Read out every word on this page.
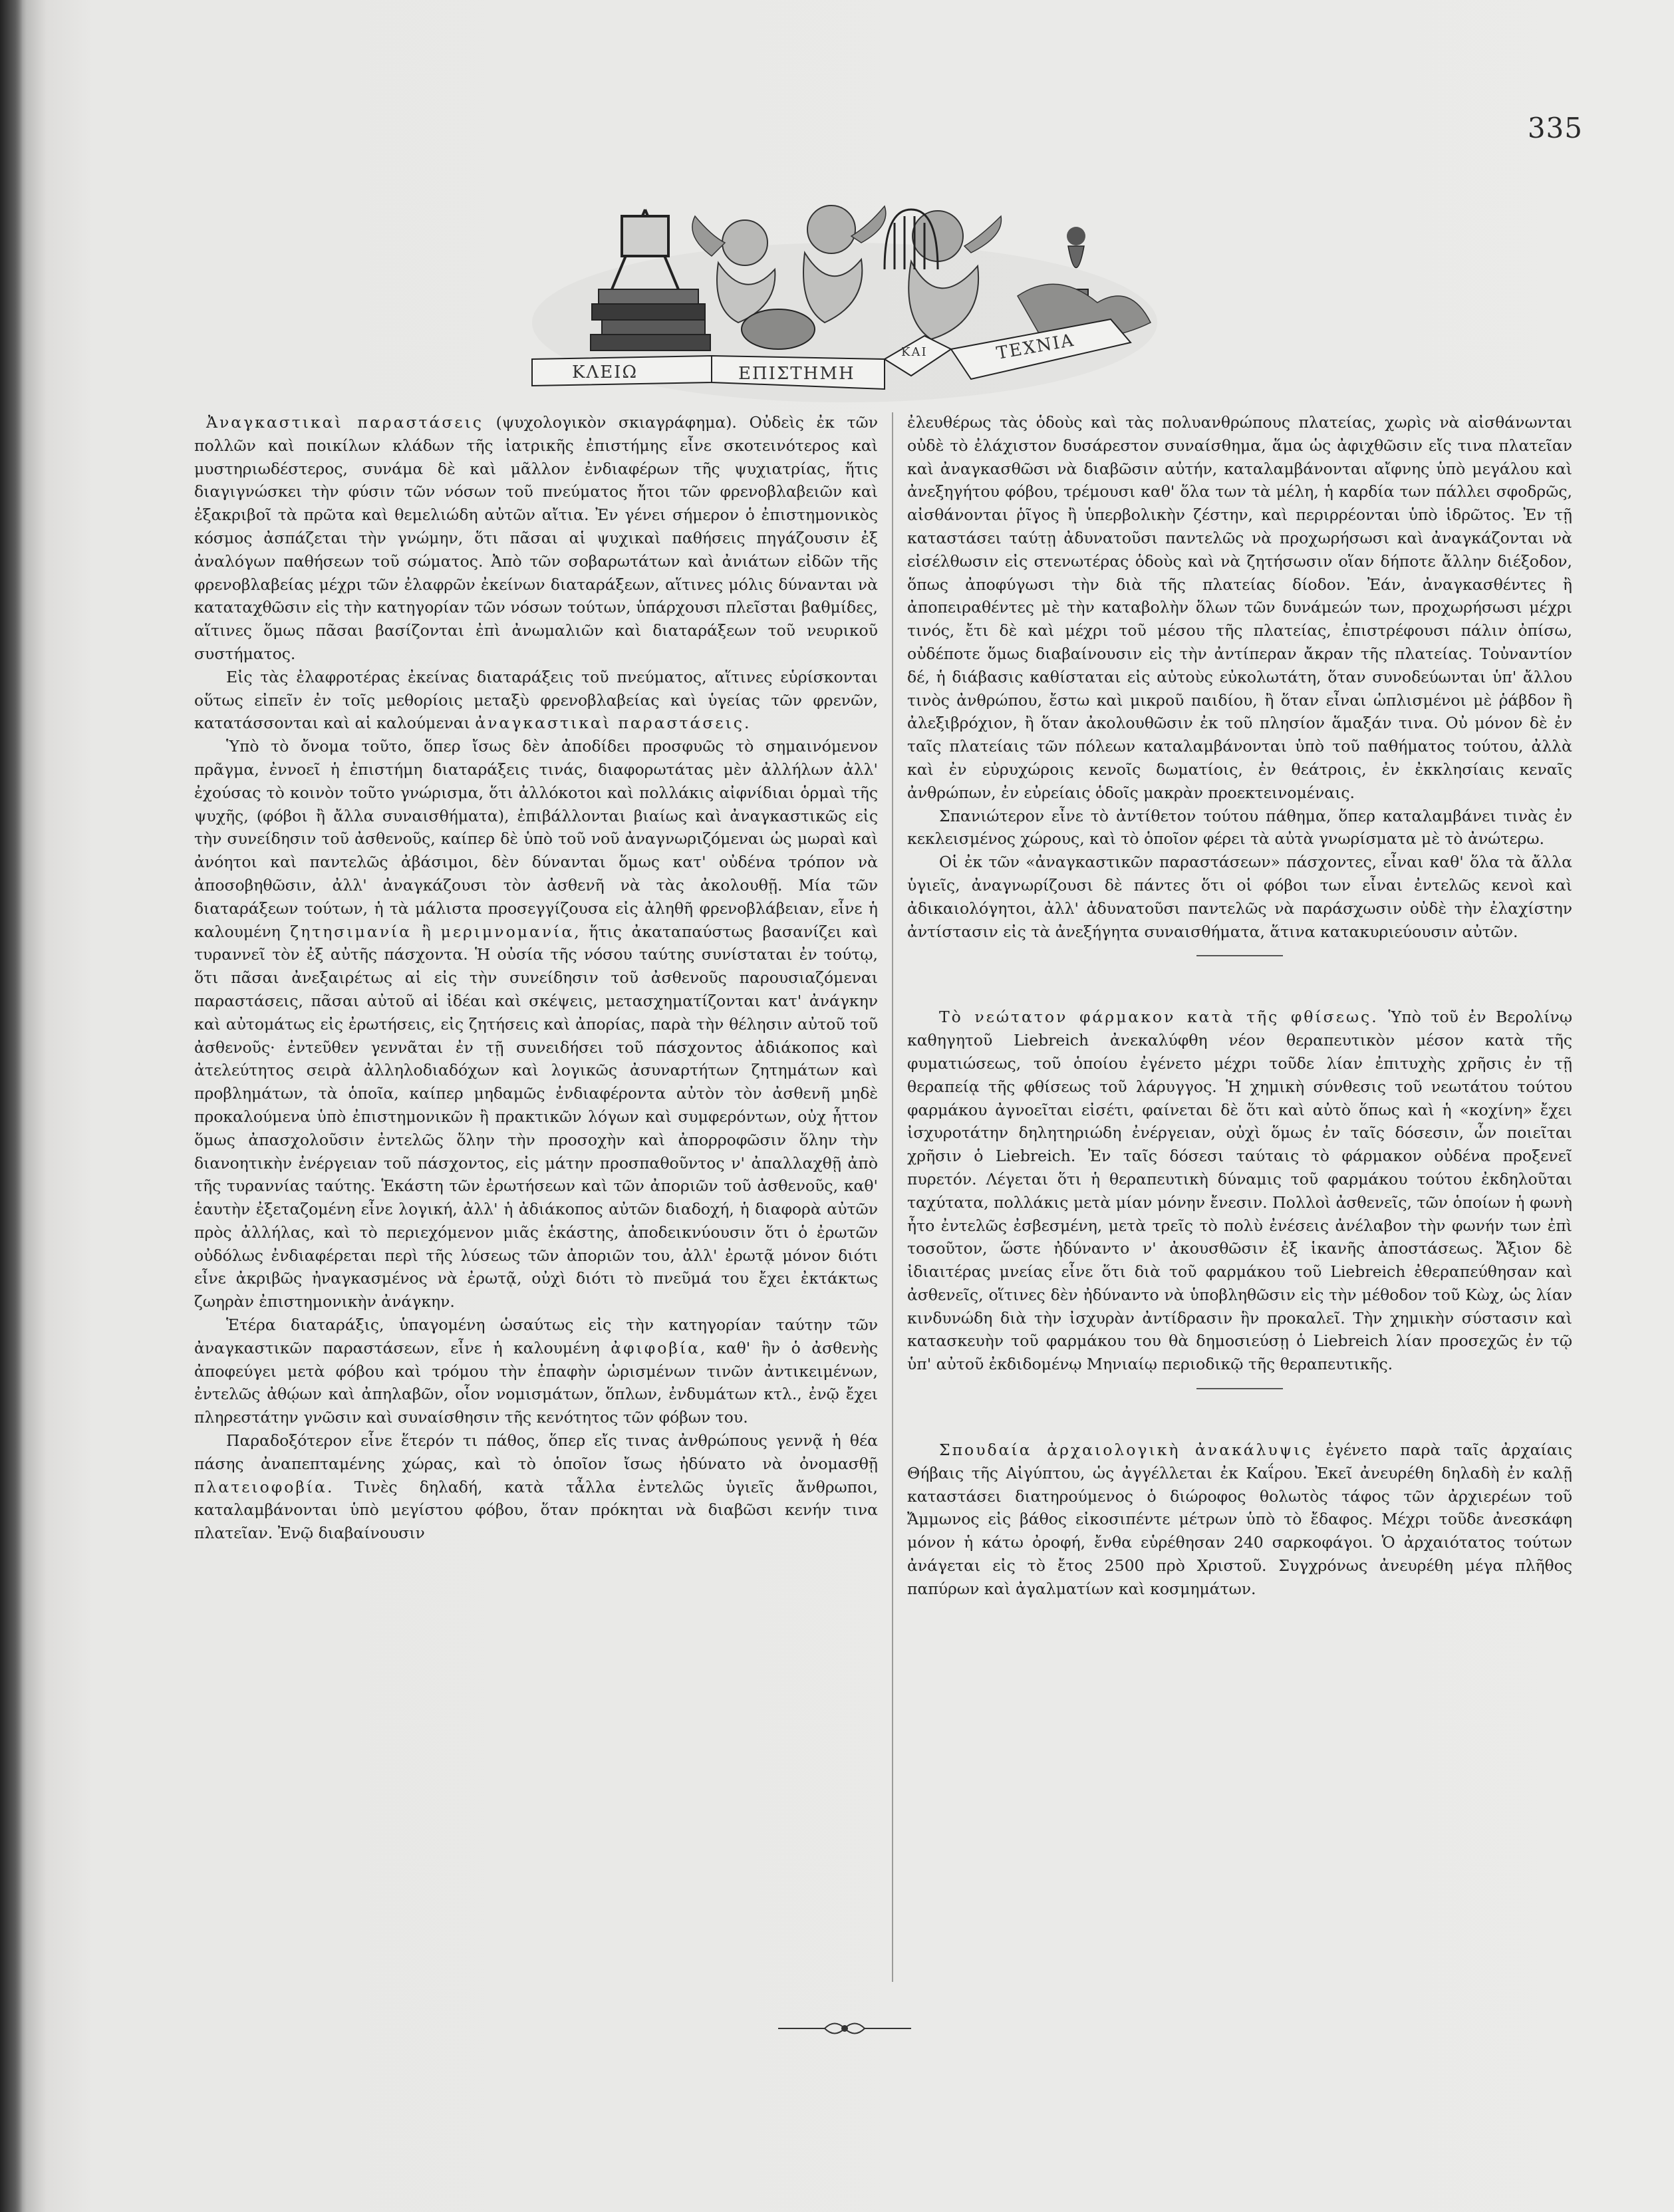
335
ΚΛΕΙΩ	ΕΠΙΣΤΗΜΗ
ΚΑΙ	ΤΕΧΝΙΑ

Ἀναγκαστικαὶ παραστάσεις (ψυχολογικὸν σκιαγράφημα). Οὐδεὶς ἐκ τῶν πολλῶν καὶ ποικίλων κλάδων τῆς ἰατρικῆς ἐπιστήμης εἶνε σκοτεινότερος καὶ μυστηριωδέστερος, συνάμα δὲ καὶ μᾶλλον ἐνδιαφέρων τῆς ψυχιατρίας, ἥτις διαγιγνώσκει τὴν φύσιν τῶν νόσων τοῦ πνεύματος ἤτοι τῶν φρενοβλαβειῶν καὶ ἐξακριβοῖ τὰ πρῶτα καὶ θεμελιώδη αὐτῶν αἴτια. Ἐν γένει σήμερον ὁ ἐπιστημονικὸς κόσμος ἀσπάζεται τὴν γνώμην, ὅτι πᾶσαι αἱ ψυχικαὶ παθήσεις πηγάζουσιν ἐξ ἀναλόγων παθήσεων τοῦ σώματος. Ἀπὸ τῶν σοβαρωτάτων καὶ ἀνιάτων εἰδῶν τῆς φρενοβλαβείας μέχρι τῶν ἐλαφρῶν ἐκείνων διαταράξεων, αἵτινες μόλις δύνανται νὰ καταταχθῶσιν εἰς τὴν κατηγορίαν τῶν νόσων τούτων, ὑπάρχουσι πλεῖσται βαθμίδες, αἵτινες ὅμως πᾶσαι βασίζονται ἐπὶ ἀνωμαλιῶν καὶ διαταράξεων τοῦ νευρικοῦ συστήματος.

Εἰς τὰς ἐλαφροτέρας ἐκείνας διαταράξεις τοῦ πνεύματος, αἵτινες εὑρίσκονται οὕτως εἰπεῖν ἐν τοῖς μεθορίοις μεταξὺ φρενοβλαβείας καὶ ὑγείας τῶν φρενῶν, κατατάσσονται καὶ αἱ καλούμεναι ἀναγκαστικαὶ παραστάσεις.

Ὑπὸ τὸ ὄνομα τοῦτο, ὅπερ ἴσως δὲν ἀποδίδει προσφυῶς τὸ σημαινόμενον πρᾶγμα, ἐννοεῖ ἡ ἐπιστήμη διαταράξεις τινάς, διαφορωτάτας μὲν ἀλλήλων ἀλλ' ἐχούσας τὸ κοινὸν τοῦτο γνώρισμα, ὅτι ἀλλόκοτοι καὶ πολλάκις αἰφνίδιαι ὁρμαὶ τῆς ψυχῆς, (φόβοι ἢ ἄλλα συναισθήματα), ἐπιβάλλονται βιαίως καὶ ἀναγκαστικῶς εἰς τὴν συνείδησιν τοῦ ἀσθενοῦς, καίπερ δὲ ὑπὸ τοῦ νοῦ ἀναγνωριζόμεναι ὡς μωραὶ καὶ ἀνόητοι καὶ παντελῶς ἀβάσιμοι, δὲν δύνανται ὅμως κατ' οὐδένα τρόπον νὰ ἀποσοβηθῶσιν, ἀλλ' ἀναγκάζουσι τὸν ἀσθενῆ νὰ τὰς ἀκολουθῇ. Μία τῶν διαταράξεων τούτων, ἡ τὰ μάλιστα προσεγγίζουσα εἰς ἀληθῆ φρενοβλάβειαν, εἶνε ἡ καλουμένη ζητησιμανία ἢ μεριμνομανία, ἥτις ἀκαταπαύστως βασανίζει καὶ τυραννεῖ τὸν ἐξ αὐτῆς πάσχοντα. Ἡ οὐσία τῆς νόσου ταύτης συνίσταται ἐν τούτῳ, ὅτι πᾶσαι ἀνεξαιρέτως αἱ εἰς τὴν συνείδησιν τοῦ ἀσθενοῦς παρουσιαζόμεναι παραστάσεις, πᾶσαι αὐτοῦ αἱ ἰδέαι καὶ σκέψεις, μετασχηματίζονται κατ' ἀνάγκην καὶ αὐτομάτως εἰς ἐρωτήσεις, εἰς ζητήσεις καὶ ἀπορίας, παρὰ τὴν θέλησιν αὐτοῦ τοῦ ἀσθενοῦς· ἐντεῦθεν γεννᾶται ἐν τῇ συνειδήσει τοῦ πάσχοντος ἀδιάκοπος καὶ ἀτελεύτητος σειρὰ ἀλληλοδιαδόχων καὶ λογικῶς ἀσυναρτήτων ζητημάτων καὶ προβλημάτων, τὰ ὁποῖα, καίπερ μηδαμῶς ἐνδιαφέροντα αὐτὸν τὸν ἀσθενῆ μηδὲ προκαλούμενα ὑπὸ ἐπιστημονικῶν ἢ πρακτικῶν λόγων καὶ συμφερόντων, οὐχ ἧττον ὅμως ἀπασχολοῦσιν ἐντελῶς ὅλην τὴν προσοχὴν καὶ ἀπορροφῶσιν ὅλην τὴν διανοητικὴν ἐνέργειαν τοῦ πάσχοντος, εἰς μάτην προσπαθοῦντος ν' ἀπαλλαχθῇ ἀπὸ τῆς τυραννίας ταύτης. Ἑκάστη τῶν ἐρωτήσεων καὶ τῶν ἀποριῶν τοῦ ἀσθενοῦς, καθ' ἑαυτὴν ἐξεταζομένη εἶνε λογική, ἀλλ' ἡ ἀδιάκοπος αὐτῶν διαδοχή, ἡ διαφορὰ αὐτῶν πρὸς ἀλλήλας, καὶ τὸ περιεχόμενον μιᾶς ἑκάστης, ἀποδεικνύουσιν ὅτι ὁ ἐρωτῶν οὐδόλως ἐνδιαφέρεται περὶ τῆς λύσεως τῶν ἀποριῶν του, ἀλλ' ἐρωτᾷ μόνον διότι εἶνε ἀκριβῶς ἠναγκασμένος νὰ ἐρωτᾷ, οὐχὶ διότι τὸ πνεῦμά του ἔχει ἐκτάκτως ζωηρὰν ἐπιστημονικὴν ἀνάγκην.

Ἑτέρα διαταράξις, ὑπαγομένη ὡσαύτως εἰς τὴν κατηγορίαν ταύτην τῶν ἀναγκαστικῶν παραστάσεων, εἶνε ἡ καλουμένη ἀφιφοβία, καθ' ἣν ὁ ἀσθενὴς ἀποφεύγει μετὰ φόβου καὶ τρόμου τὴν ἐπαφὴν ὡρισμένων τινῶν ἀντικειμένων, ἐντελῶς ἀθῴων καὶ ἀπηλαβῶν, οἷον νομισμάτων, ὅπλων, ἐνδυμάτων κτλ., ἐνῷ ἔχει πληρεστάτην γνῶσιν καὶ συναίσθησιν τῆς κενότητος τῶν φόβων του.

Παραδοξότερον εἶνε ἕτερόν τι πάθος, ὅπερ εἴς τινας ἀνθρώπους γεννᾷ ἡ θέα πάσης ἀναπεπταμένης χώρας, καὶ τὸ ὁποῖον ἴσως ἠδύνατο νὰ ὀνομασθῇ πλατειοφοβία. Τινὲς δηλαδή, κατὰ τἆλλα ἐντελῶς ὑγιεῖς ἄνθρωποι, καταλαμβάνονται ὑπὸ μεγίστου φόβου, ὅταν πρόκηται νὰ διαβῶσι κενήν τινα πλατεῖαν. Ἐνῷ διαβαίνουσιν

ἐλευθέρως τὰς ὁδοὺς καὶ τὰς πολυανθρώπους πλατείας, χωρὶς νὰ αἰσθάνωνται οὐδὲ τὸ ἐλάχιστον δυσάρεστον συναίσθημα, ἅμα ὡς ἀφιχθῶσιν εἴς τινα πλατεῖαν καὶ ἀναγκασθῶσι νὰ διαβῶσιν αὐτήν, καταλαμβάνονται αἴφνης ὑπὸ μεγάλου καὶ ἀνεξηγήτου φόβου, τρέμουσι καθ' ὅλα των τὰ μέλη, ἡ καρδία των πάλλει σφοδρῶς, αἰσθάνονται ῥῖγος ἢ ὑπερβολικὴν ζέστην, καὶ περιρρέονται ὑπὸ ἱδρῶτος. Ἐν τῇ καταστάσει ταύτῃ ἀδυνατοῦσι παντελῶς νὰ προχωρήσωσι καὶ ἀναγκάζονται νὰ εἰσέλθωσιν εἰς στενωτέρας ὁδοὺς καὶ νὰ ζητήσωσιν οἵαν δήποτε ἄλλην διέξοδον, ὅπως ἀποφύγωσι τὴν διὰ τῆς πλατείας δίοδον. Ἐάν, ἀναγκασθέντες ἢ ἀποπειραθέντες μὲ τὴν καταβολὴν ὅλων τῶν δυνάμεών των, προχωρήσωσι μέχρι τινός, ἔτι δὲ καὶ μέχρι τοῦ μέσου τῆς πλατείας, ἐπιστρέφουσι πάλιν ὀπίσω, οὐδέποτε ὅμως διαβαίνουσιν εἰς τὴν ἀντίπεραν ἄκραν τῆς πλατείας. Τοὐναντίον δέ, ἡ διάβασις καθίσταται εἰς αὐτοὺς εὐκολωτάτη, ὅταν συνοδεύωνται ὑπ' ἄλλου τινὸς ἀνθρώπου, ἔστω καὶ μικροῦ παιδίου, ἢ ὅταν εἶναι ὡπλισμένοι μὲ ῥάβδον ἢ ἀλεξιβρόχιον, ἢ ὅταν ἀκολουθῶσιν ἐκ τοῦ πλησίον ἅμαξάν τινα. Οὐ μόνον δὲ ἐν ταῖς πλατείαις τῶν πόλεων καταλαμβάνονται ὑπὸ τοῦ παθήματος τούτου, ἀλλὰ καὶ ἐν εὐρυχώροις κενοῖς δωματίοις, ἐν θεάτροις, ἐν ἐκκλησίαις κεναῖς ἀνθρώπων, ἐν εὐρείαις ὁδοῖς μακρὰν προεκτεινομέναις.

Σπανιώτερον εἶνε τὸ ἀντίθετον τούτου πάθημα, ὅπερ καταλαμβάνει τινὰς ἐν κεκλεισμένος χώρους, καὶ τὸ ὁποῖον φέρει τὰ αὐτὰ γνωρίσματα μὲ τὸ ἀνώτερω.

Οἱ ἐκ τῶν «ἀναγκαστικῶν παραστάσεων» πάσχοντες, εἶναι καθ' ὅλα τὰ ἄλλα ὑγιεῖς, ἀναγνωρίζουσι δὲ πάντες ὅτι οἱ φόβοι των εἶναι ἐντελῶς κενοὶ καὶ ἀδικαιολόγητοι, ἀλλ' ἀδυνατοῦσι παντελῶς νὰ παράσχωσιν οὐδὲ τὴν ἐλαχίστην ἀντίστασιν εἰς τὰ ἀνεξήγητα συναισθήματα, ἅτινα κατακυριεύουσιν αὐτῶν.

Τὸ νεώτατον φάρμακον κατὰ τῆς φθίσεως. Ὑπὸ τοῦ ἐν Βερολίνῳ καθηγητοῦ Liebreich ἀνεκαλύφθη νέον θεραπευτικὸν μέσον κατὰ τῆς φυματιώσεως, τοῦ ὁποίου ἐγένετο μέχρι τοῦδε λίαν ἐπιτυχὴς χρῆσις ἐν τῇ θεραπείᾳ τῆς φθίσεως τοῦ λάρυγγος. Ἡ χημικὴ σύνθεσις τοῦ νεωτάτου τούτου φαρμάκου ἀγνοεῖται εἰσέτι, φαίνεται δὲ ὅτι καὶ αὐτὸ ὅπως καὶ ἡ «κοχίνη» ἔχει ἰσχυροτάτην δηλητηριώδη ἐνέργειαν, οὐχὶ ὅμως ἐν ταῖς δόσεσιν, ὧν ποιεῖται χρῆσιν ὁ Liebreich. Ἐν ταῖς δόσεσι ταύταις τὸ φάρμακον οὐδένα προξενεῖ πυρετόν. Λέγεται ὅτι ἡ θεραπευτικὴ δύναμις τοῦ φαρμάκου τούτου ἐκδηλοῦται ταχύτατα, πολλάκις μετὰ μίαν μόνην ἔνεσιν. Πολλοὶ ἀσθενεῖς, τῶν ὁποίων ἡ φωνὴ ἦτο ἐντελῶς ἐσβεσμένη, μετὰ τρεῖς τὸ πολὺ ἐνέσεις ἀνέλαβον τὴν φωνήν των ἐπὶ τοσοῦτον, ὥστε ἠδύναντο ν' ἀκουσθῶσιν ἐξ ἱκανῆς ἀποστάσεως. Ἄξιον δὲ ἰδιαιτέρας μνείας εἶνε ὅτι διὰ τοῦ φαρμάκου τοῦ Liebreich ἐθεραπεύθησαν καὶ ἀσθενεῖς, οἵτινες δὲν ἠδύναντο νὰ ὑποβληθῶσιν εἰς τὴν μέθοδον τοῦ Κὼχ, ὡς λίαν κινδυνώδη διὰ τὴν ἰσχυρὰν ἀντίδρασιν ἣν προκαλεῖ. Τὴν χημικὴν σύστασιν καὶ κατασκευὴν τοῦ φαρμάκου του θὰ δημοσιεύσῃ ὁ Liebreich λίαν προσεχῶς ἐν τῷ ὑπ' αὐτοῦ ἐκδιδομένῳ Μηνιαίῳ περιοδικῷ τῆς θεραπευτικῆς.

Σπουδαία ἀρχαιολογικὴ ἀνακάλυψις ἐγένετο παρὰ ταῖς ἀρχαίαις Θήβαις τῆς Αἰγύπτου, ὡς ἀγγέλλεται ἐκ Καΐρου. Ἐκεῖ ἀνευρέθη δηλαδὴ ἐν καλῇ καταστάσει διατηρούμενος ὁ διώροφος θολωτὸς τάφος τῶν ἀρχιερέων τοῦ Ἄμμωνος εἰς βάθος εἰκοσιπέντε μέτρων ὑπὸ τὸ ἔδαφος. Μέχρι τοῦδε ἀνεσκάφη μόνον ἡ κάτω ὀροφή, ἔνθα εὑρέθησαν 240 σαρκοφάγοι. Ὁ ἀρχαιότατος τούτων ἀνάγεται εἰς τὸ ἔτος 2500 πρὸ Χριστοῦ. Συγχρόνως ἀνευρέθη μέγα πλῆθος παπύρων καὶ ἀγαλματίων καὶ κοσμημάτων.
